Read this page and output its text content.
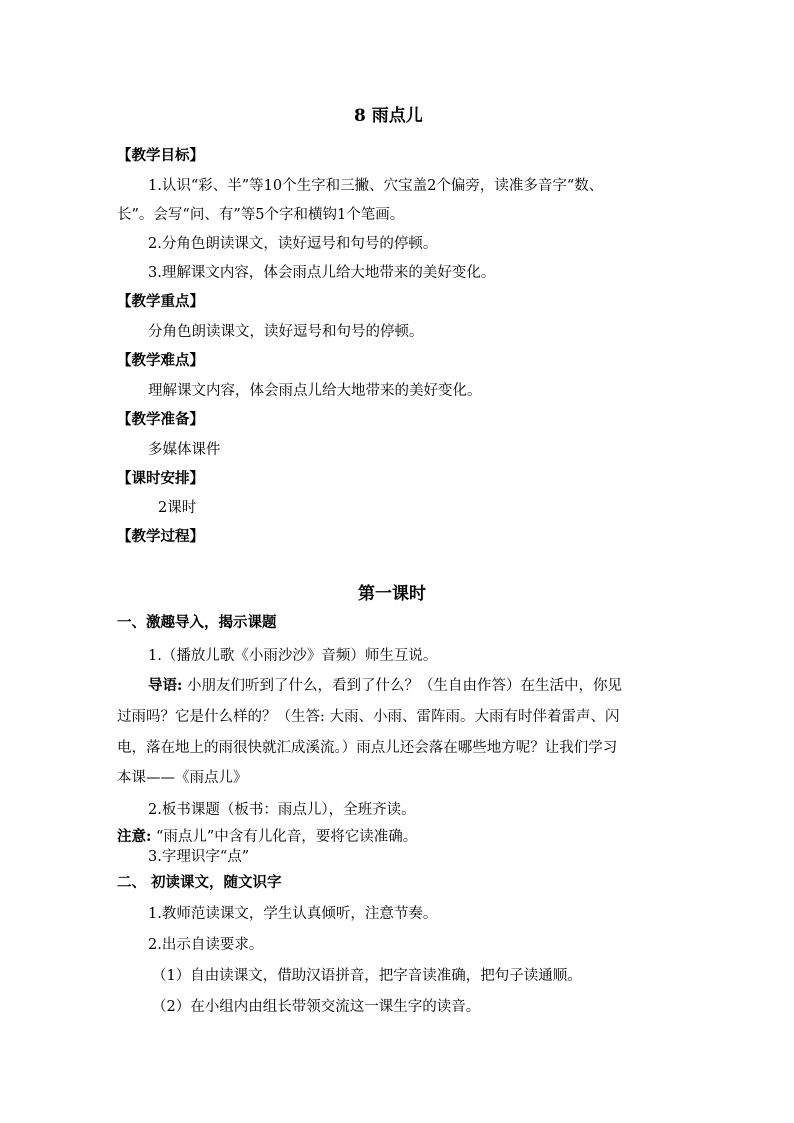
8 雨点儿
【教学目标】
1.认识“彩、半”等10个生字和三撇、穴宝盖2个偏旁，读准多音字“数、
长”。会写“问、有”等5个字和横钩1个笔画。
2.分角色朗读课文，读好逗号和句号的停顿。
3.理解课文内容，体会雨点儿给大地带来的美好变化。
【教学重点】
分角色朗读课文，读好逗号和句号的停顿。
【教学难点】
理解课文内容，体会雨点儿给大地带来的美好变化。
【教学准备】
多媒体课件
【课时安排】
2课时
【教学过程】
第一课时
一、激趣导入，揭示课题
1.（播放儿歌《小雨沙沙》音频）师生互说。
导语: 小朋友们听到了什么，看到了什么？（生自由作答）在生活中，你见
过雨吗？它是什么样的？（生答: 大雨、小雨、雷阵雨。大雨有时伴着雷声、闪
电，落在地上的雨很快就汇成溪流。）雨点儿还会落在哪些地方呢？让我们学习
本课——《雨点儿》
2.板书课题（板书：雨点儿），全班齐读。
注意: “雨点儿”中含有儿化音，要将它读准确。
3.字理识字“点”
二、 初读课文，随文识字
1.教师范读课文，学生认真倾听，注意节奏。
2.出示自读要求。
（1）自由读课文，借助汉语拼音，把字音读准确，把句子读通顺。
（2）在小组内由组长带领交流这一课生字的读音。
